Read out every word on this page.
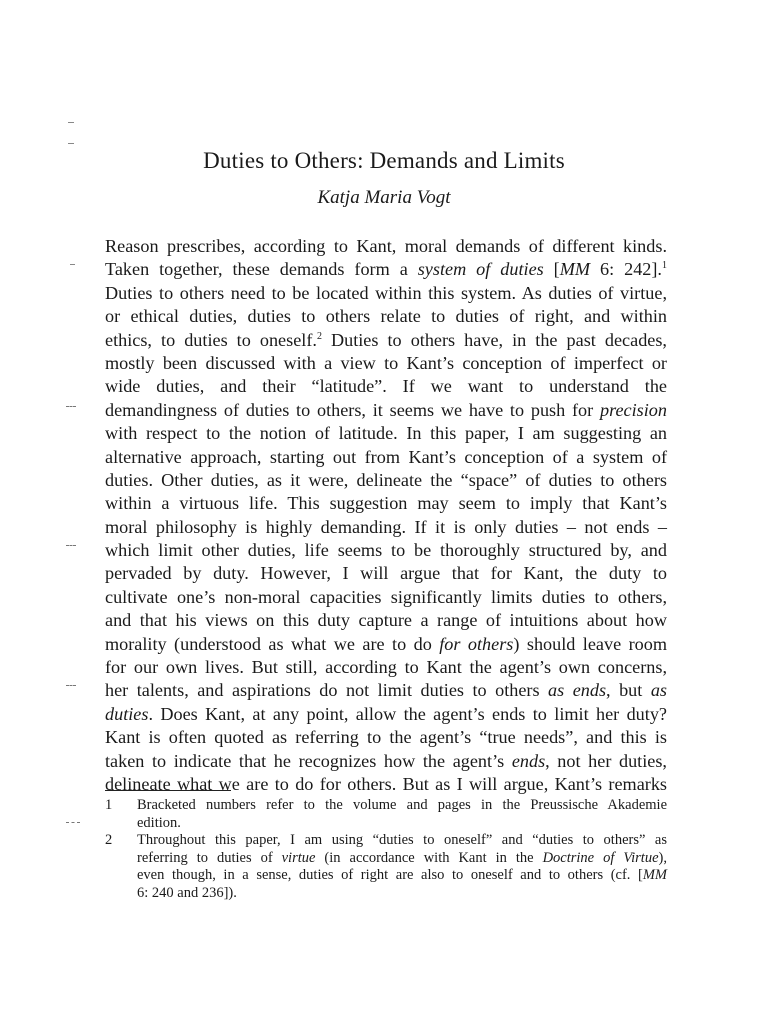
Duties to Others: Demands and Limits
Katja Maria Vogt
Reason prescribes, according to Kant, moral demands of different kinds.
Taken together, these demands form a system of duties [MM 6: 242].$^1$
Duties to others need to be located within this system. As duties of virtue,
or ethical duties, duties to others relate to duties of right, and within
ethics, to duties to oneself.$^2$ Duties to others have, in the past decades,
mostly been discussed with a view to Kant’s conception of imperfect or
wide duties, and their “latitude”. If we want to understand the
demandingness of duties to others, it seems we have to push for precision
with respect to the notion of latitude. In this paper, I am suggesting an
alternative approach, starting out from Kant’s conception of a system of
duties. Other duties, as it were, delineate the “space” of duties to others
within a virtuous life. This suggestion may seem to imply that Kant’s
moral philosophy is highly demanding. If it is only duties – not ends –
which limit other duties, life seems to be thoroughly structured by, and
pervaded by duty. However, I will argue that for Kant, the duty to
cultivate one’s non-moral capacities significantly limits duties to others,
and that his views on this duty capture a range of intuitions about how
morality (understood as what we are to do for others) should leave room
for our own lives. But still, according to Kant the agent’s own concerns,
her talents, and aspirations do not limit duties to others as ends, but as
duties. Does Kant, at any point, allow the agent’s ends to limit her duty?
Kant is often quoted as referring to the agent’s “true needs”, and this is
taken to indicate that he recognizes how the agent’s ends, not her duties,
delineate what we are to do for others. But as I will argue, Kant’s remarks
1 Bracketed numbers refer to the volume and pages in the Preussische Akademie
edition.
2 Throughout this paper, I am using “duties to oneself” and “duties to others” as
referring to duties of virtue (in accordance with Kant in the Doctrine of Virtue),
even though, in a sense, duties of right are also to oneself and to others (cf. [MM
6: 240 and 236]).
